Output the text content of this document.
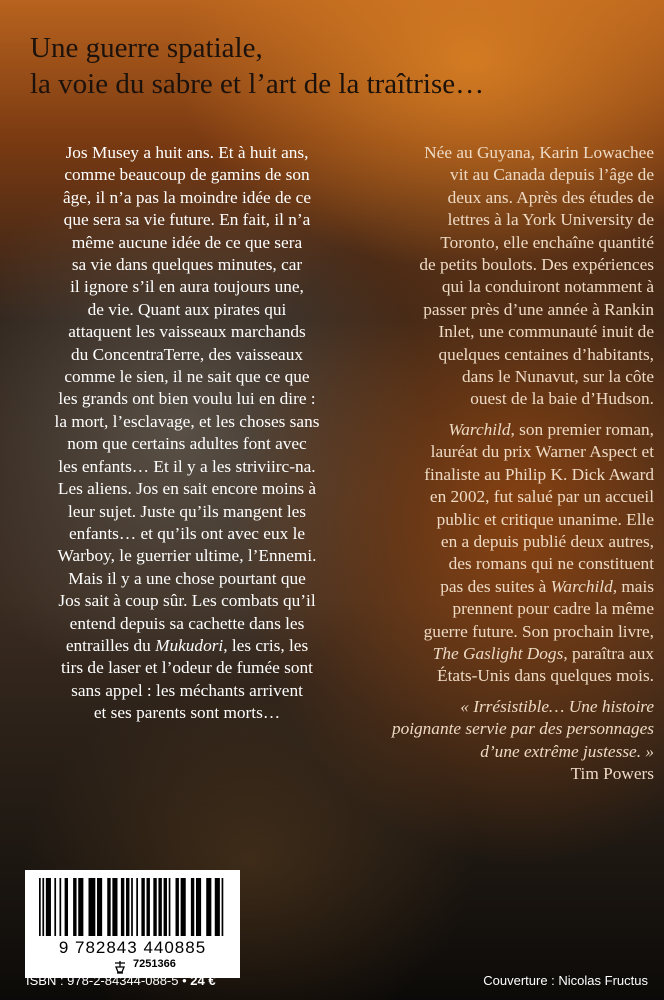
Une guerre spatiale,
la voie du sabre et l’art de la traîtrise…
Jos Musey a huit ans. Et à huit ans,
comme beaucoup de gamins de son
âge, il n’a pas la moindre idée de ce
que sera sa vie future. En fait, il n’a
même aucune idée de ce que sera
sa vie dans quelques minutes, car
il ignore s’il en aura toujours une,
de vie. Quant aux pirates qui
attaquent les vaisseaux marchands
du ConcentraTerre, des vaisseaux
comme le sien, il ne sait que ce que
les grands ont bien voulu lui en dire :
la mort, l’esclavage, et les choses sans
nom que certains adultes font avec
les enfants… Et il y a les striviirc-na.
Les aliens. Jos en sait encore moins à
leur sujet. Juste qu’ils mangent les
enfants… et qu’ils ont avec eux le
Warboy, le guerrier ultime, l’Ennemi.
Mais il y a une chose pourtant que
Jos sait à coup sûr. Les combats qu’il
entend depuis sa cachette dans les
entrailles du Mukudori, les cris, les
tirs de laser et l’odeur de fumée sont
sans appel : les méchants arrivent
et ses parents sont morts…
Née au Guyana, Karin Lowachee
vit au Canada depuis l’âge de
deux ans. Après des études de
lettres à la York University de
Toronto, elle enchaîne quantité
de petits boulots. Des expériences
qui la conduiront notamment à
passer près d’une année à Rankin
Inlet, une communauté inuit de
quelques centaines d’habitants,
dans le Nunavut, sur la côte
ouest de la baie d’Hudson.
Warchild, son premier roman,
lauréat du prix Warner Aspect et
finaliste au Philip K. Dick Award
en 2002, fut salué par un accueil
public et critique unanime. Elle
en a depuis publié deux autres,
des romans qui ne constituent
pas des suites à Warchild, mais
prennent pour cadre la même
guerre future. Son prochain livre,
The Gaslight Dogs, paraîtra aux
États-Unis dans quelques mois.
« Irrésistible… Une histoire
poignante servie par des personnages
d’une extrême justesse. »
Tim Powers
9 782843 440885
7251366
ISBN : 978-2-84344-088-5 • 24 €	Couverture : Nicolas Fructus
